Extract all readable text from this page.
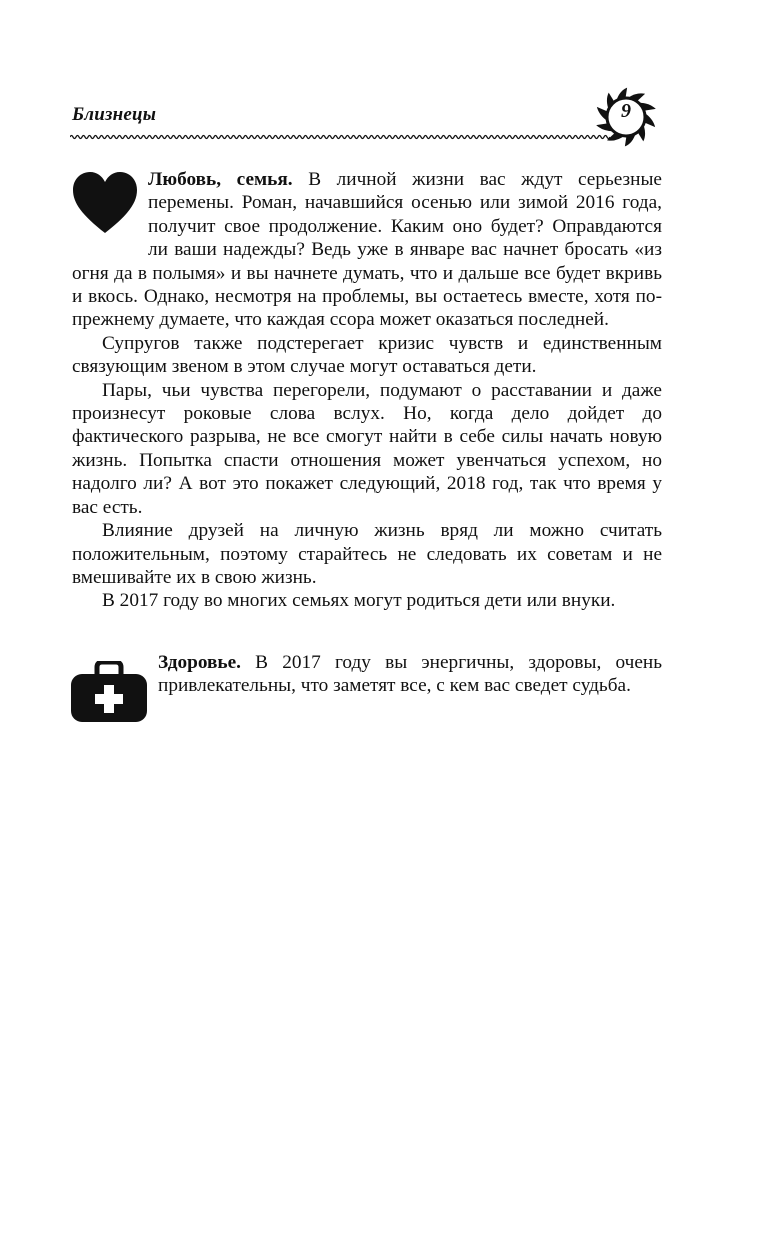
Близнецы	9

Любовь, семья. В личной жизни вас ждут серьезные перемены. Роман, начавшийся осенью или зимой 2016 года, получит свое продолжение. Каким оно будет? Оправдаются ли ваши надежды? Ведь уже в январе вас начнет бросать «из огня да в полымя» и вы начнете думать, что и дальше все будет вкривь и вкось. Однако, несмотря на проблемы, вы остаетесь вместе, хотя по-прежнему думаете, что каждая ссора может оказаться последней.

Супругов также подстерегает кризис чувств и единственным связующим звеном в этом случае могут оставаться дети.

Пары, чьи чувства перегорели, подумают о расставании и даже произнесут роковые слова вслух. Но, когда дело дойдет до фактического разрыва, не все смогут найти в себе силы начать новую жизнь. Попытка спасти отношения может увенчаться успехом, но надолго ли? А вот это покажет следующий, 2018 год, так что время у вас есть.

Влияние друзей на личную жизнь вряд ли можно считать положительным, поэтому старайтесь не следовать их советам и не вмешивайте их в свою жизнь.

В 2017 году во многих семьях могут родиться дети или внуки.

Здоровье. В 2017 году вы энергичны, здоровы, очень привлекательны, что заметят все, с кем вас сведет судьба.
